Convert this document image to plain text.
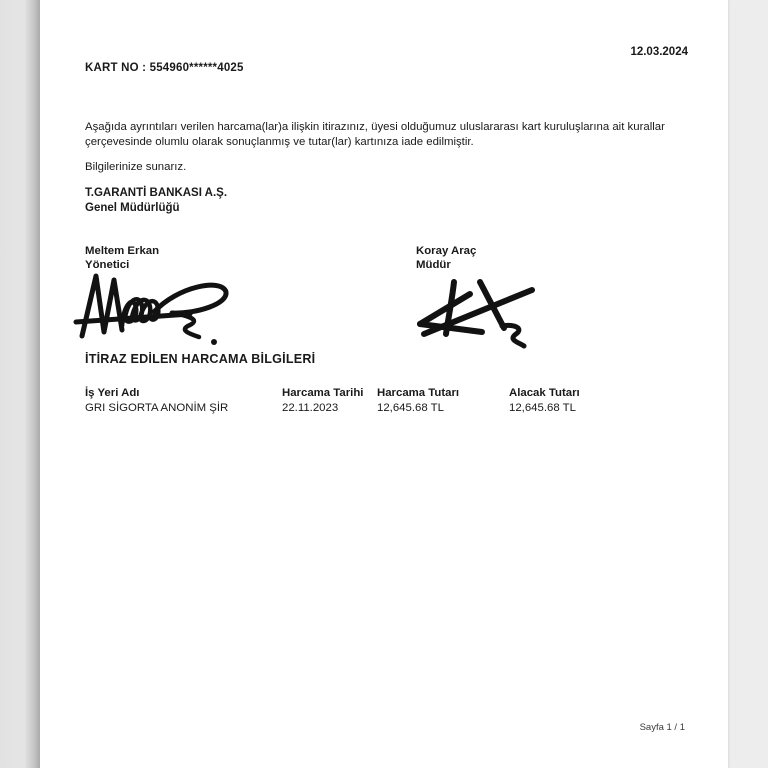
12.03.2024
KART NO : 554960******4025
Aşağıda ayrıntıları verilen harcama(lar)a ilişkin itirazınız, üyesi olduğumuz uluslararası kart kuruluşlarına ait kurallar
çerçevesinde olumlu olarak sonuçlanmış ve tutar(lar) kartınıza iade edilmiştir.
Bilgilerinize sunarız.
T.GARANTİ BANKASI A.Ş.
Genel Müdürlüğü
Meltem Erkan
Yönetici
Koray Araç
Müdür
İTİRAZ EDİLEN HARCAMA BİLGİLERİ
İş Yeri Adı	Harcama Tarihi	Harcama Tutarı	Alacak Tutarı
GRI SİGORTA ANONİM ŞİR	22.11.2023	12,645.68 TL	12,645.68 TL
Sayfa 1 / 1
